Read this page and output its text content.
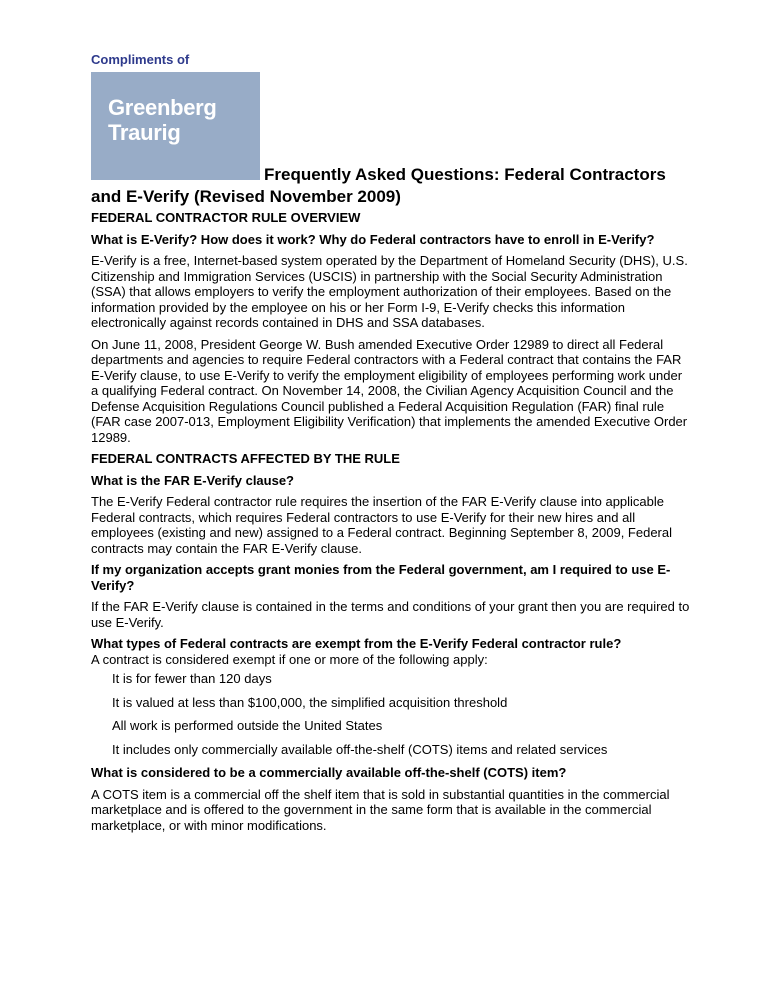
Compliments of
Greenberg
Traurig
Frequently Asked Questions: Federal Contractors
and E-Verify (Revised November 2009)
FEDERAL CONTRACTOR RULE OVERVIEW
What is E-Verify? How does it work? Why do Federal contractors have to enroll in E-Verify?
E-Verify is a free, Internet-based system operated by the Department of Homeland Security (DHS), U.S. Citizenship and Immigration Services (USCIS) in partnership with the Social Security Administration (SSA) that allows employers to verify the employment authorization of their employees. Based on the information provided by the employee on his or her Form I-9, E-Verify checks this information electronically against records contained in DHS and SSA databases.
On June 11, 2008, President George W. Bush amended Executive Order 12989 to direct all Federal departments and agencies to require Federal contractors with a Federal contract that contains the FAR E-Verify clause, to use E-Verify to verify the employment eligibility of employees performing work under a qualifying Federal contract. On November 14, 2008, the Civilian Agency Acquisition Council and the Defense Acquisition Regulations Council published a Federal Acquisition Regulation (FAR) final rule (FAR case 2007-013, Employment Eligibility Verification) that implements the amended Executive Order 12989.
FEDERAL CONTRACTS AFFECTED BY THE RULE
What is the FAR E-Verify clause?
The E-Verify Federal contractor rule requires the insertion of the FAR E-Verify clause into applicable Federal contracts, which requires Federal contractors to use E-Verify for their new hires and all employees (existing and new) assigned to a Federal contract. Beginning September 8, 2009, Federal contracts may contain the FAR E-Verify clause.
If my organization accepts grant monies from the Federal government, am I required to use E-Verify?
If the FAR E-Verify clause is contained in the terms and conditions of your grant then you are required to use E-Verify.
What types of Federal contracts are exempt from the E-Verify Federal contractor rule?
A contract is considered exempt if one or more of the following apply:
It is for fewer than 120 days
It is valued at less than $100,000, the simplified acquisition threshold
All work is performed outside the United States
It includes only commercially available off-the-shelf (COTS) items and related services
What is considered to be a commercially available off-the-shelf (COTS) item?
A COTS item is a commercial off the shelf item that is sold in substantial quantities in the commercial marketplace and is offered to the government in the same form that is available in the commercial marketplace, or with minor modifications.
